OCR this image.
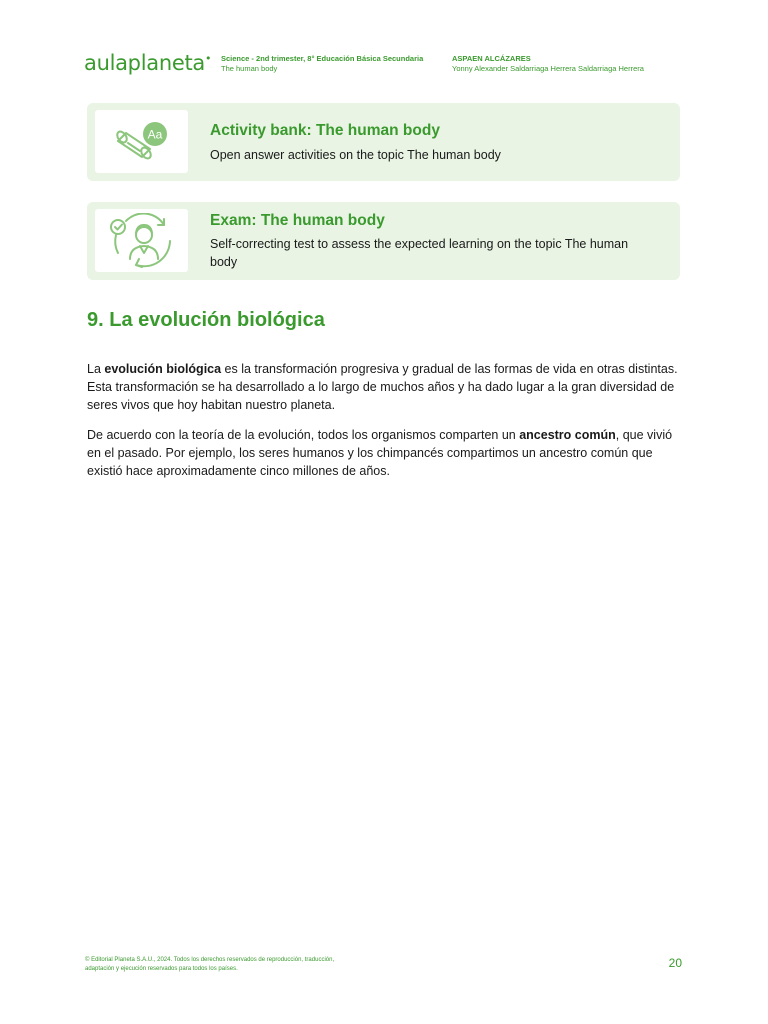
aulaplaneta• Science - 2nd trimester, 8° Educación Básica Secundaria
The human body
ASPAEN ALCÁZARES
Yonny Alexander Saldarriaga Herrera Saldarriaga Herrera
Aa	Activity bank: The human body
Open answer activities on the topic The human body
Exam: The human body
Self-correcting test to assess the expected learning on the topic The human body
9. La evolución biológica

La evolución biológica es la transformación progresiva y gradual de las formas de vida en otras distintas. Esta transformación se ha desarrollado a lo largo de muchos años y ha dado lugar a la gran diversidad de seres vivos que hoy habitan nuestro planeta.

De acuerdo con la teoría de la evolución, todos los organismos comparten un ancestro común, que vivió en el pasado. Por ejemplo, los seres humanos y los chimpancés compartimos un ancestro común que existió hace aproximadamente cinco millones de años.

© Editorial Planeta S.A.U., 2024. Todos los derechos reservados de reproducción, traducción, adaptación y ejecución reservados para todos los países.	20
